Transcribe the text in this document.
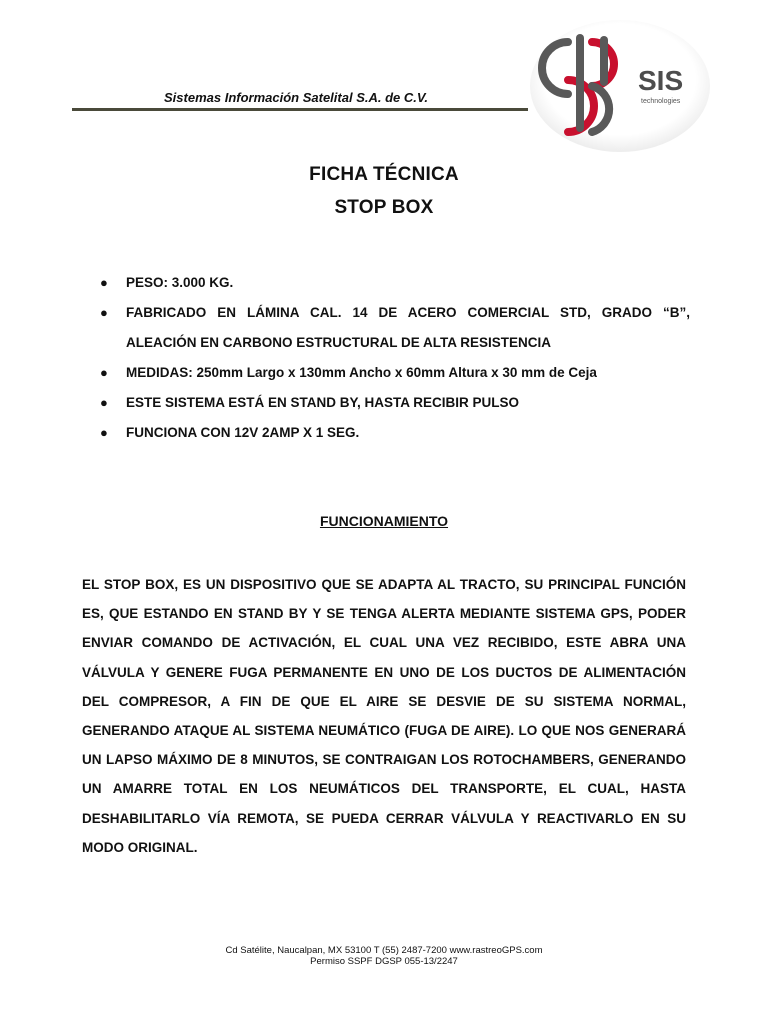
Sistemas Información Satelital S.A. de C.V.
SIS
technologies
FICHA TÉCNICA
STOP BOX
● PESO: 3.000 KG.
● FABRICADO EN LÁMINA CAL. 14 DE ACERO COMERCIAL STD, GRADO “B”, ALEACIÓN EN CARBONO ESTRUCTURAL DE ALTA RESISTENCIA
● MEDIDAS: 250mm Largo x 130mm Ancho x 60mm Altura x 30 mm de Ceja
● ESTE SISTEMA ESTÁ EN STAND BY, HASTA RECIBIR PULSO
● FUNCIONA CON 12V 2AMP X 1 SEG.
FUNCIONAMIENTO

EL STOP BOX, ES UN DISPOSITIVO QUE SE ADAPTA AL TRACTO, SU PRINCIPAL FUNCIÓN ES, QUE ESTANDO EN STAND BY Y SE TENGA ALERTA MEDIANTE SISTEMA GPS, PODER ENVIAR COMANDO DE ACTIVACIÓN, EL CUAL UNA VEZ RECIBIDO, ESTE ABRA UNA VÁLVULA Y GENERE FUGA PERMANENTE EN UNO DE LOS DUCTOS DE ALIMENTACIÓN DEL COMPRESOR, A FIN DE QUE EL AIRE SE DESVIE DE SU SISTEMA NORMAL, GENERANDO ATAQUE AL SISTEMA NEUMÁTICO (FUGA DE AIRE). LO QUE NOS GENERARÁ UN LAPSO MÁXIMO DE 8 MINUTOS, SE CONTRAIGAN LOS ROTOCHAMBERS, GENERANDO UN AMARRE TOTAL EN LOS NEUMÁTICOS DEL TRANSPORTE, EL CUAL, HASTA DESHABILITARLO VÍA REMOTA, SE PUEDA CERRAR VÁLVULA Y REACTIVARLO EN SU MODO ORIGINAL.

Cd Satélite, Naucalpan, MX 53100 T (55) 2487-7200 www.rastreoGPS.com
Permiso SSPF DGSP 055-13/2247
